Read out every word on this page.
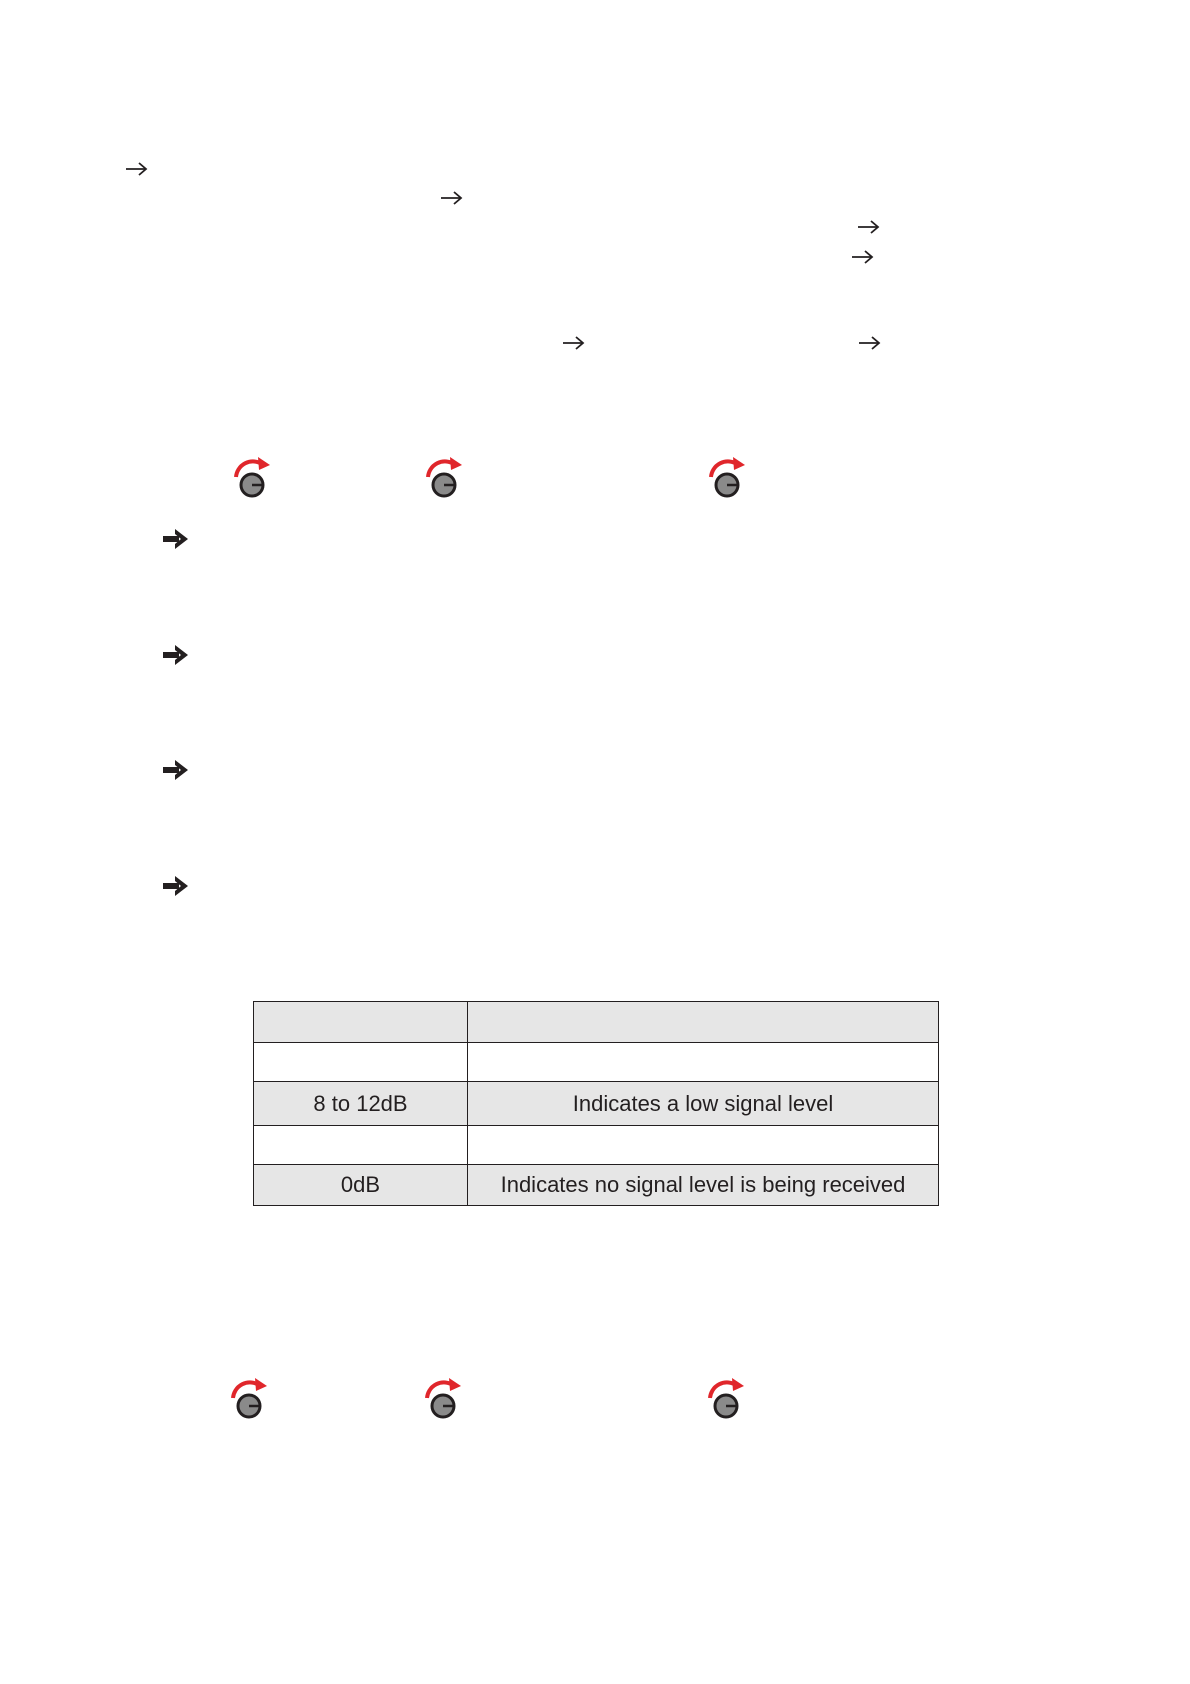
8 to 12dB	Indicates a low signal level

0dB	Indicates no signal level is being received
